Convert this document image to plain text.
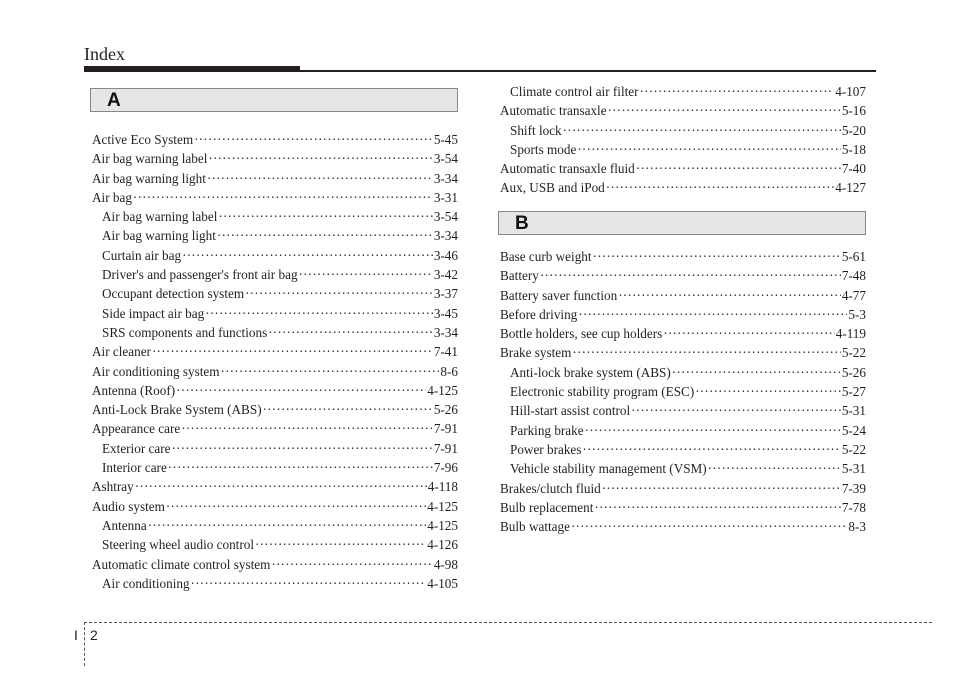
Index
A
B
Active Eco System ·····	5-45
Air bag warning label ·····	3-54
Air bag warning light ·····	3-34
Air bag ·····	3-31
Air bag warning label ·····	3-54
Air bag warning light ·····	3-34
Curtain air bag ·····	3-46
Driver's and passenger's front air bag ·····	3-42
Occupant detection system ·····	3-37
Side impact air bag ·····	3-45
SRS components and functions ·····	3-34
Air cleaner ·····	7-41
Air conditioning system ·····	8-6
Antenna (Roof) ·····	4-125
Anti-Lock Brake System (ABS) ·····	5-26
Appearance care ·····	7-91
Exterior care ·····	7-91
Interior care ·····	7-96
Ashtray ·····	4-118
Audio system ·····	4-125
Antenna ·····	4-125
Steering wheel audio control ·····	4-126
Automatic climate control system ·····	4-98
Air conditioning ·····	4-105
Climate control air filter ·····	4-107
Automatic transaxle ·····	5-16
Shift lock ·····	5-20
Sports mode ·····	5-18
Automatic transaxle fluid ·····	7-40
Aux, USB and iPod ·····	4-127
Base curb weight ·····	5-61
Battery ·····	7-48
Battery saver function ·····	4-77
Before driving ·····	5-3
Bottle holders, see cup holders ·····	4-119
Brake system ·····	5-22
Anti-lock brake system (ABS) ·····	5-26
Electronic stability program (ESC) ·····	5-27
Hill-start assist control ·····	5-31
Parking brake ·····	5-24
Power brakes ·····	5-22
Vehicle stability management (VSM) ·····	5-31
Brakes/clutch fluid ·····	7-39
Bulb replacement ·····	7-78
Bulb wattage ·····	8-3
I 2
